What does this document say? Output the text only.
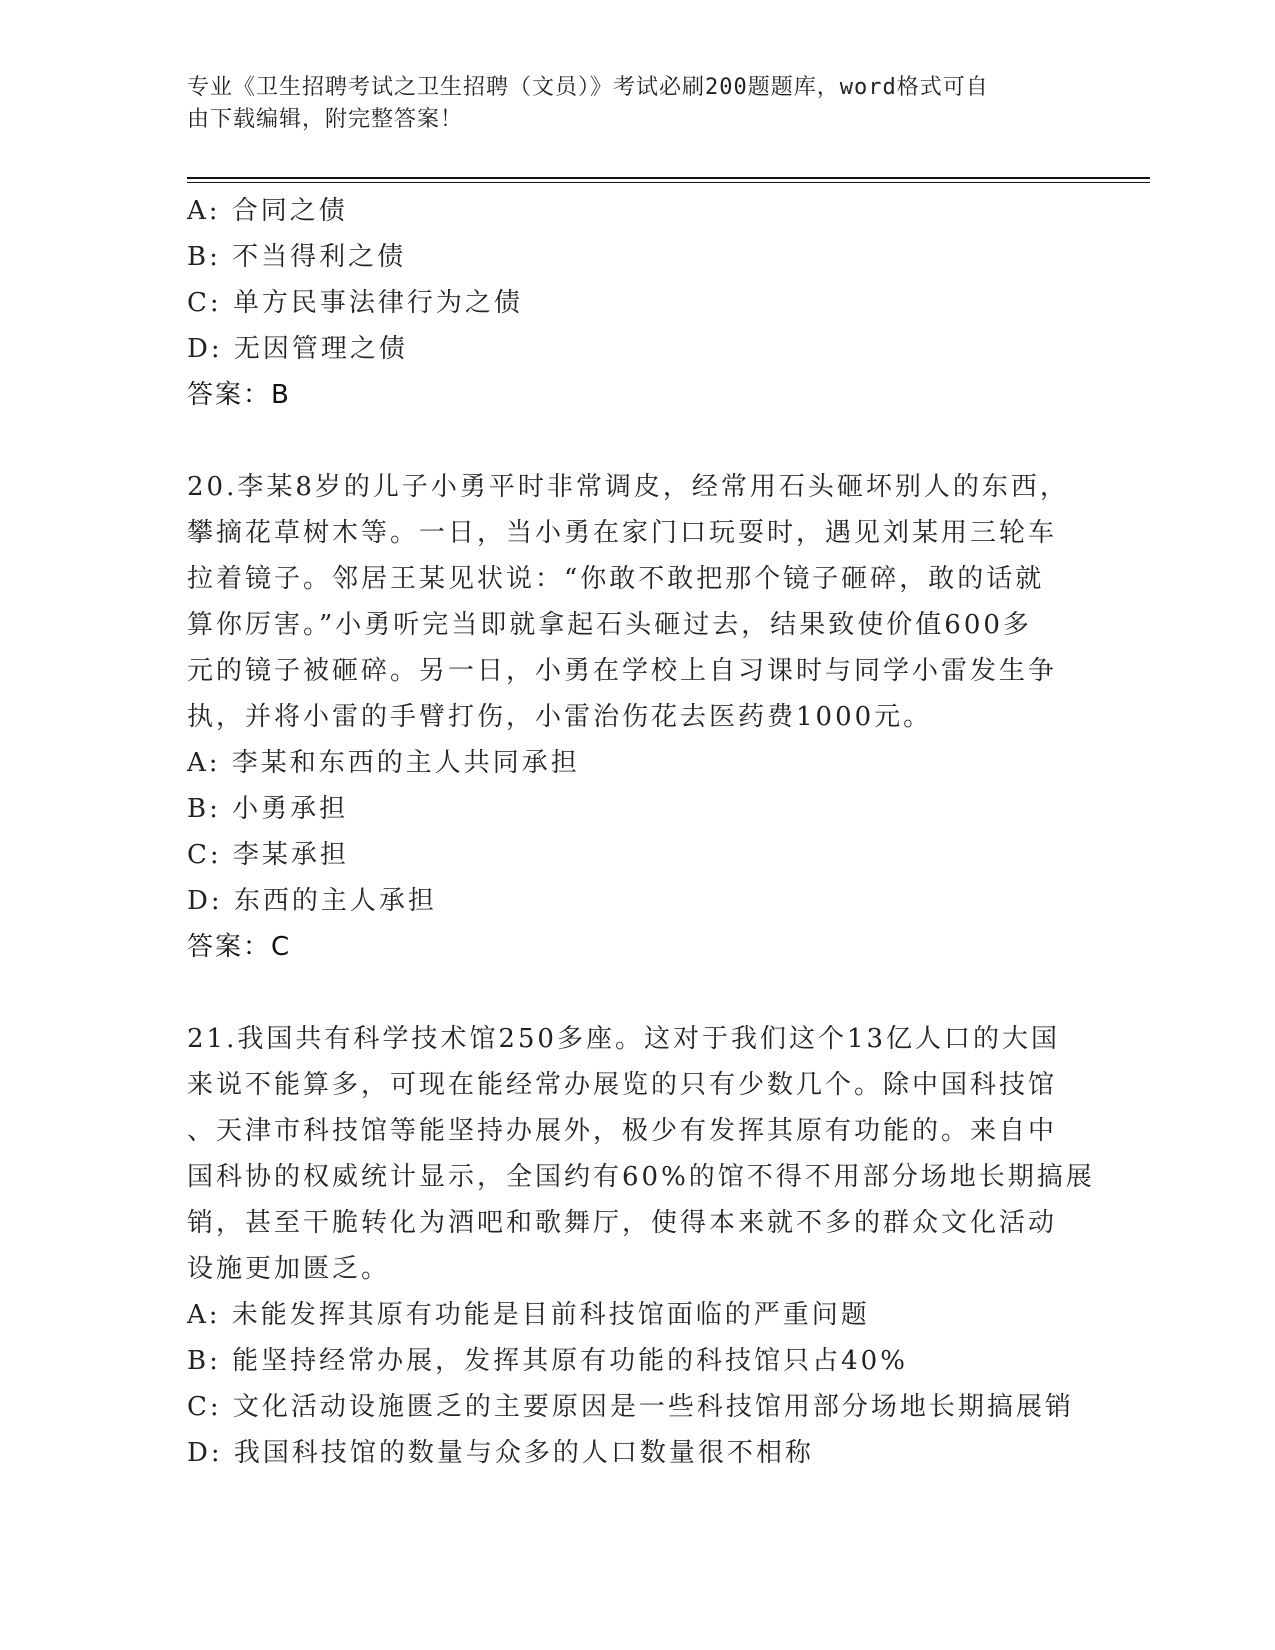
专业《卫生招聘考试之卫生招聘（文员）》考试必刷200题题库，word格式可自
由下载编辑，附完整答案！
A: 合同之债
B: 不当得利之债
C: 单方民事法律行为之债
D: 无因管理之债
答案：B
20.李某8岁的儿子小勇平时非常调皮，经常用石头砸坏别人的东西，
攀摘花草树木等。一日，当小勇在家门口玩耍时，遇见刘某用三轮车
拉着镜子。邻居王某见状说：“你敢不敢把那个镜子砸碎，敢的话就
算你厉害。”小勇听完当即就拿起石头砸过去，结果致使价值600多
元的镜子被砸碎。另一日，小勇在学校上自习课时与同学小雷发生争
执，并将小雷的手臂打伤，小雷治伤花去医药费1000元。
A: 李某和东西的主人共同承担
B: 小勇承担
C: 李某承担
D: 东西的主人承担
答案：C
21.我国共有科学技术馆250多座。这对于我们这个13亿人口的大国
来说不能算多，可现在能经常办展览的只有少数几个。除中国科技馆
、天津市科技馆等能坚持办展外，极少有发挥其原有功能的。来自中
国科协的权威统计显示，全国约有60%的馆不得不用部分场地长期搞展
销，甚至干脆转化为酒吧和歌舞厅，使得本来就不多的群众文化活动
设施更加匮乏。
A: 未能发挥其原有功能是目前科技馆面临的严重问题
B: 能坚持经常办展，发挥其原有功能的科技馆只占40%
C: 文化活动设施匮乏的主要原因是一些科技馆用部分场地长期搞展销
D: 我国科技馆的数量与众多的人口数量很不相称
